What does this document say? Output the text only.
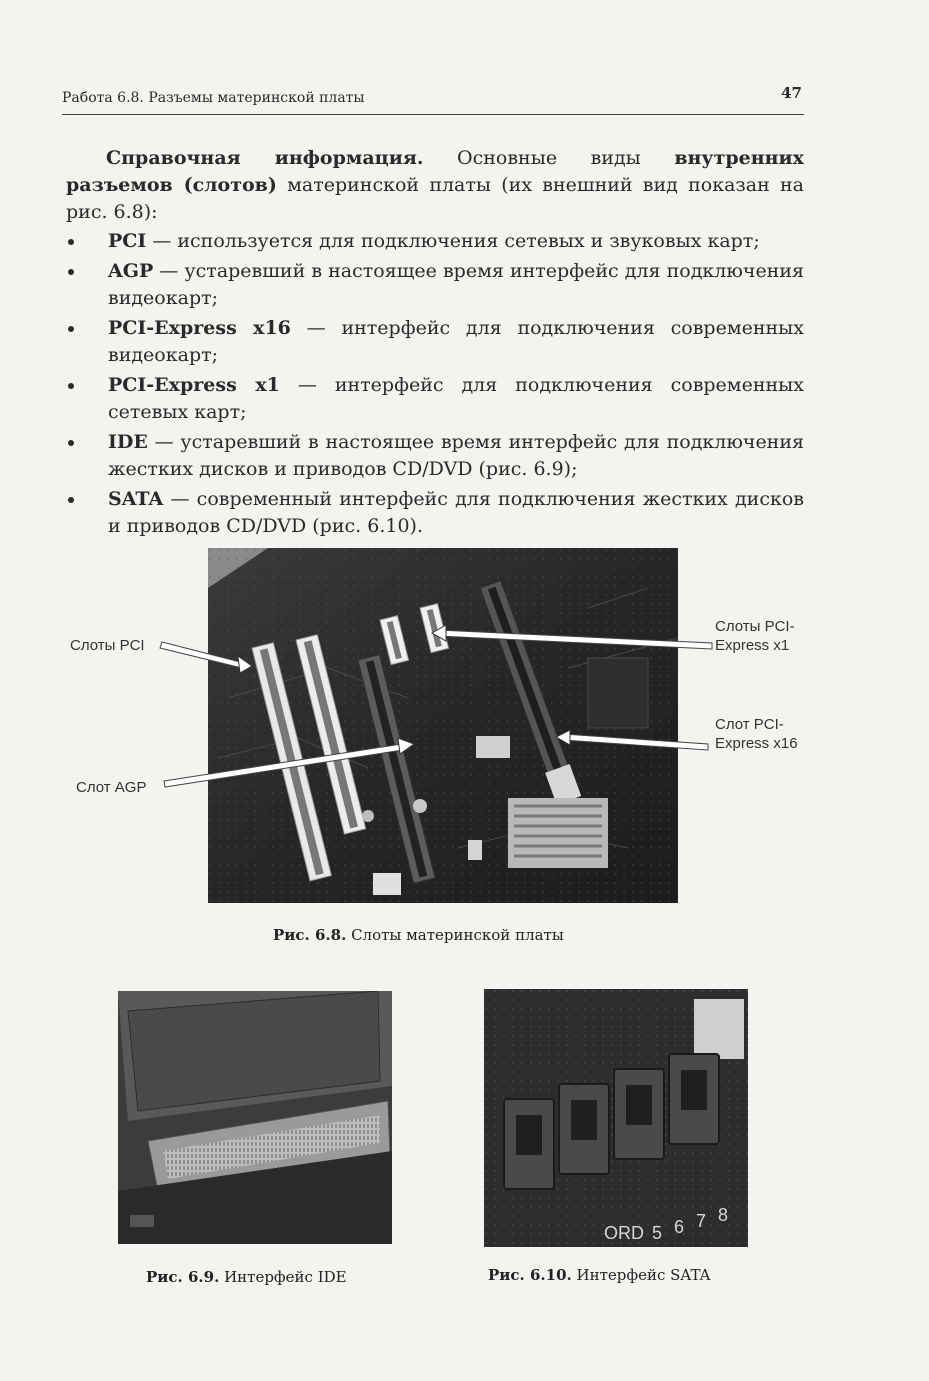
Работа 6.8. Разъемы материнской платы	47

Справочная информация. Основные виды внутренних разъемов (слотов) материнской платы (их внешний вид показан на рис. 6.8):

PCI — используется для подключения сетевых и звуковых карт;
AGP — устаревший в настоящее время интерфейс для подключения видеокарт;
PCI-Express x16 — интерфейс для подключения современных видеокарт;
PCI-Express x1 — интерфейс для подключения современных сетевых карт;
IDE — устаревший в настоящее время интерфейс для подключения жестких дисков и приводов CD/DVD (рис. 6.9);
SATA — современный интерфейс для подключения жестких дисков и приводов CD/DVD (рис. 6.10).
Слоты PCI
Слот AGP
Слоты PCI-Express x1
Слот PCI-Express x16
Рис. 6.8. Слоты материнской платы
Рис. 6.9. Интерфейс IDE
ORD 5 6 7 8
Рис. 6.10. Интерфейс SATA
